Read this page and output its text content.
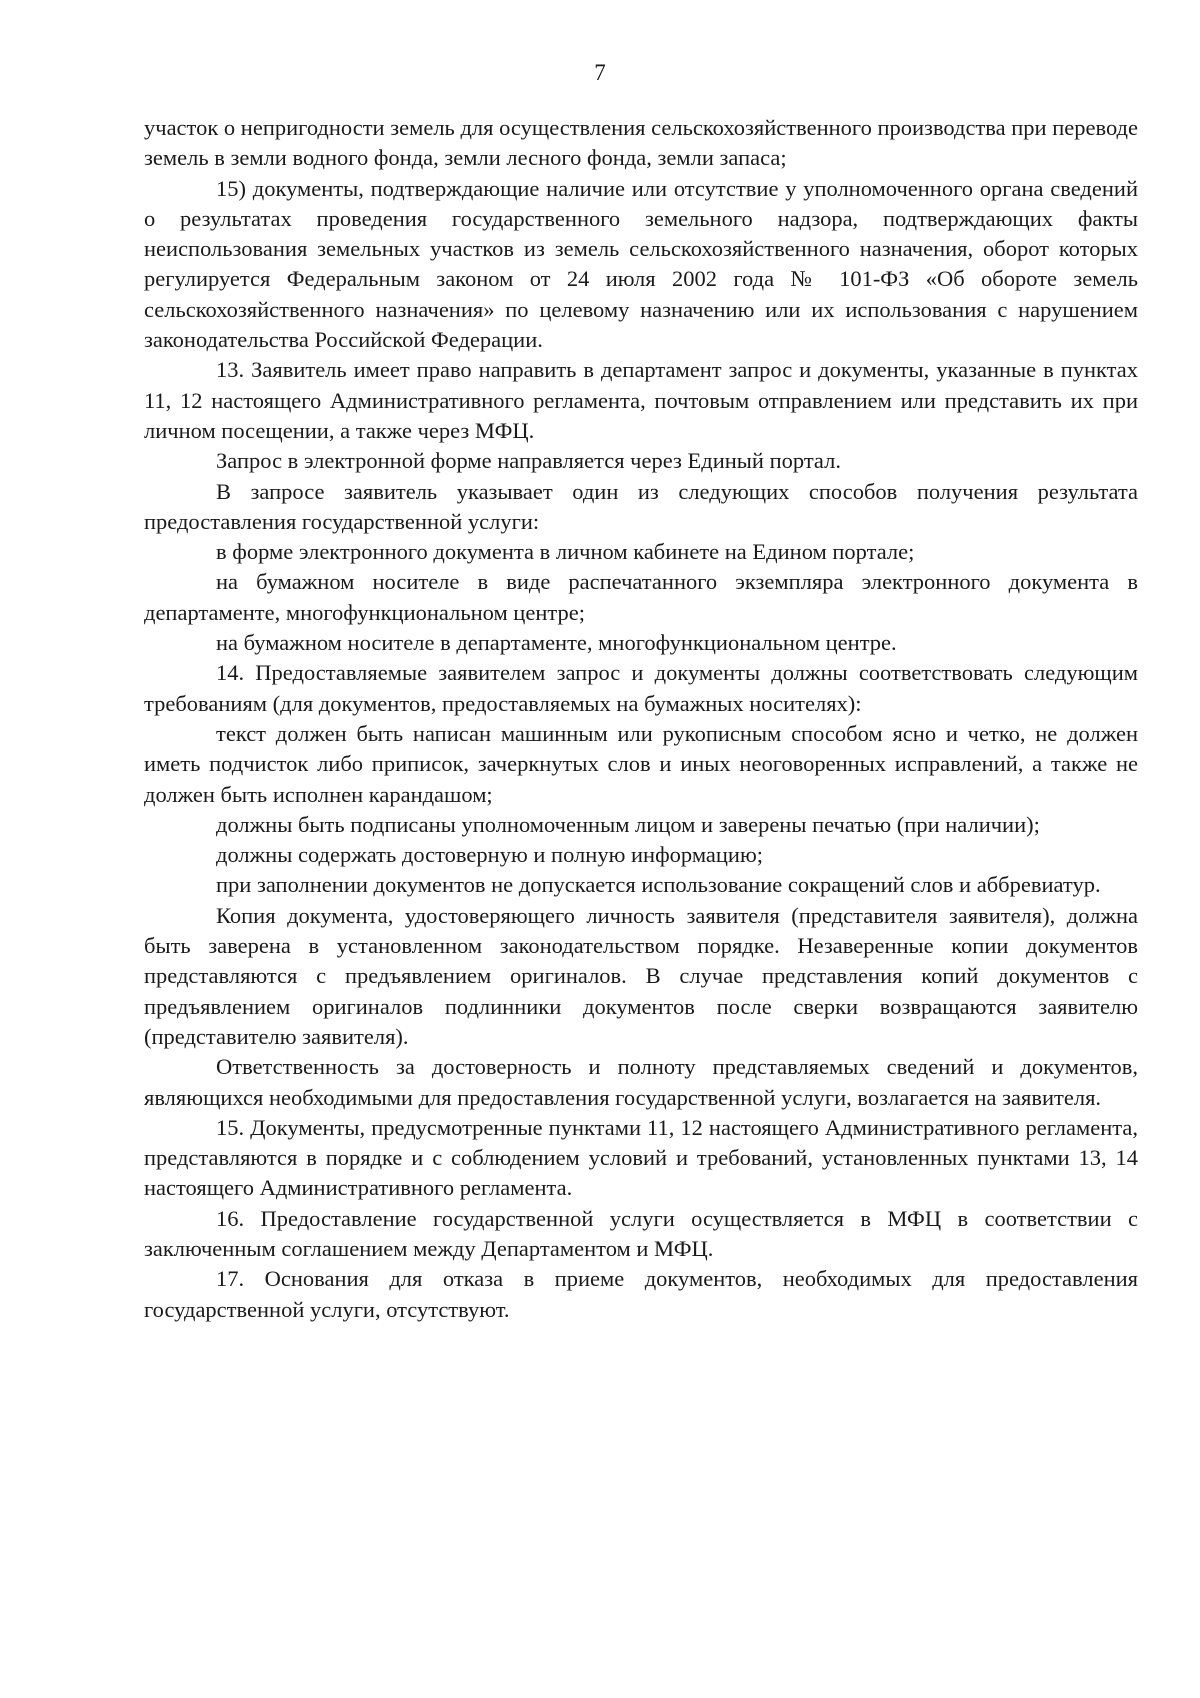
7

участок о непригодности земель для осуществления сельскохозяйственного производства при переводе земель в земли водного фонда, земли лесного фонда, земли запаса;

15) документы, подтверждающие наличие или отсутствие у уполномоченного органа сведений о результатах проведения государственного земельного надзора, подтверждающих факты неиспользования земельных участков из земель сельскохозяйственного назначения, оборот которых регулируется Федеральным законом от 24 июля 2002 года № 101-ФЗ «Об обороте земель сельскохозяйственного назначения» по целевому назначению или их использования с нарушением законодательства Российской Федерации.

13. Заявитель имеет право направить в департамент запрос и документы, указанные в пунктах 11, 12 настоящего Административного регламента, почтовым отправлением или представить их при личном посещении, а также через МФЦ.

Запрос в электронной форме направляется через Единый портал.

В запросе заявитель указывает один из следующих способов получения результата предоставления государственной услуги:

в форме электронного документа в личном кабинете на Едином портале;

на бумажном носителе в виде распечатанного экземпляра электронного документа в департаменте, многофункциональном центре;

на бумажном носителе в департаменте, многофункциональном центре.

14. Предоставляемые заявителем запрос и документы должны соответствовать следующим требованиям (для документов, предоставляемых на бумажных носителях):

текст должен быть написан машинным или рукописным способом ясно и четко, не должен иметь подчисток либо приписок, зачеркнутых слов и иных неоговоренных исправлений, а также не должен быть исполнен карандашом;

должны быть подписаны уполномоченным лицом и заверены печатью (при наличии);

должны содержать достоверную и полную информацию;

при заполнении документов не допускается использование сокращений слов и аббревиатур.

Копия документа, удостоверяющего личность заявителя (представителя заявителя), должна быть заверена в установленном законодательством порядке. Незаверенные копии документов представляются с предъявлением оригиналов. В случае представления копий документов с предъявлением оригиналов подлинники документов после сверки возвращаются заявителю (представителю заявителя).

Ответственность за достоверность и полноту представляемых сведений и документов, являющихся необходимыми для предоставления государственной услуги, возлагается на заявителя.

15. Документы, предусмотренные пунктами 11, 12 настоящего Административного регламента, представляются в порядке и с соблюдением условий и требований, установленных пунктами 13, 14 настоящего Административного регламента.

16. Предоставление государственной услуги осуществляется в МФЦ в соответствии с заключенным соглашением между Департаментом и МФЦ.

17. Основания для отказа в приеме документов, необходимых для предоставления государственной услуги, отсутствуют.
